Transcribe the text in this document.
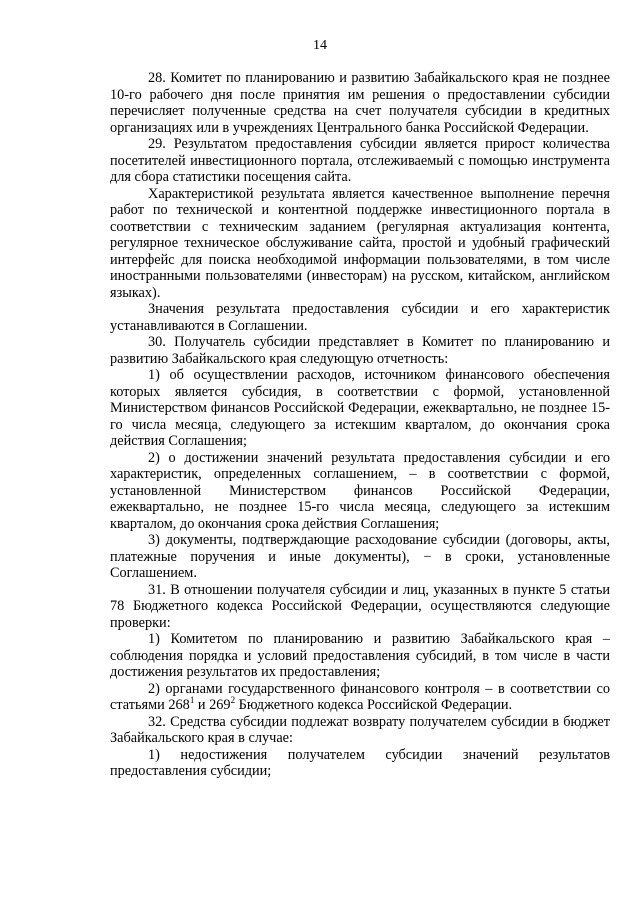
14

28. Комитет по планированию и развитию Забайкальского края не позднее 10-го рабочего дня после принятия им решения о предоставлении субсидии перечисляет полученные средства на счет получателя субсидии в кредитных организациях или в учреждениях Центрального банка Российской Федерации.

29. Результатом предоставления субсидии является прирост количества посетителей инвестиционного портала, отслеживаемый с помощью инструмента для сбора статистики посещения сайта.

Характеристикой результата является качественное выполнение перечня работ по технической и контентной поддержке инвестиционного портала в соответствии с техническим заданием (регулярная актуализация контента, регулярное техническое обслуживание сайта, простой и удобный графический интерфейс для поиска необходимой информации пользователями, в том числе иностранными пользователями (инвесторам) на русском, китайском, английском языках).

Значения результата предоставления субсидии и его характеристик устанавливаются в Соглашении.

30. Получатель субсидии представляет в Комитет по планированию и развитию Забайкальского края следующую отчетность:

1) об осуществлении расходов, источником финансового обеспечения которых является субсидия, в соответствии с формой, установленной Министерством финансов Российской Федерации, ежеквартально, не позднее 15-го числа месяца, следующего за истекшим кварталом, до окончания срока действия Соглашения;

2) о достижении значений результата предоставления субсидии и его характеристик, определенных соглашением, – в соответствии с формой, установленной Министерством финансов Российской Федерации, ежеквартально, не позднее 15-го числа месяца, следующего за истекшим кварталом, до окончания срока действия Соглашения;

3) документы, подтверждающие расходование субсидии (договоры, акты, платежные поручения и иные документы), − в сроки, установленные Соглашением.

31. В отношении получателя субсидии и лиц, указанных в пункте 5 статьи 78 Бюджетного кодекса Российской Федерации, осуществляются следующие проверки:

1) Комитетом по планированию и развитию Забайкальского края – соблюдения порядка и условий предоставления субсидий, в том числе в части достижения результатов их предоставления;

2) органами государственного финансового контроля – в соответствии со статьями $268^1$ и $269^2$ Бюджетного кодекса Российской Федерации.

32. Средства субсидии подлежат возврату получателем субсидии в бюджет Забайкальского края в случае:

1) недостижения получателем субсидии значений результатов предоставления субсидии;
